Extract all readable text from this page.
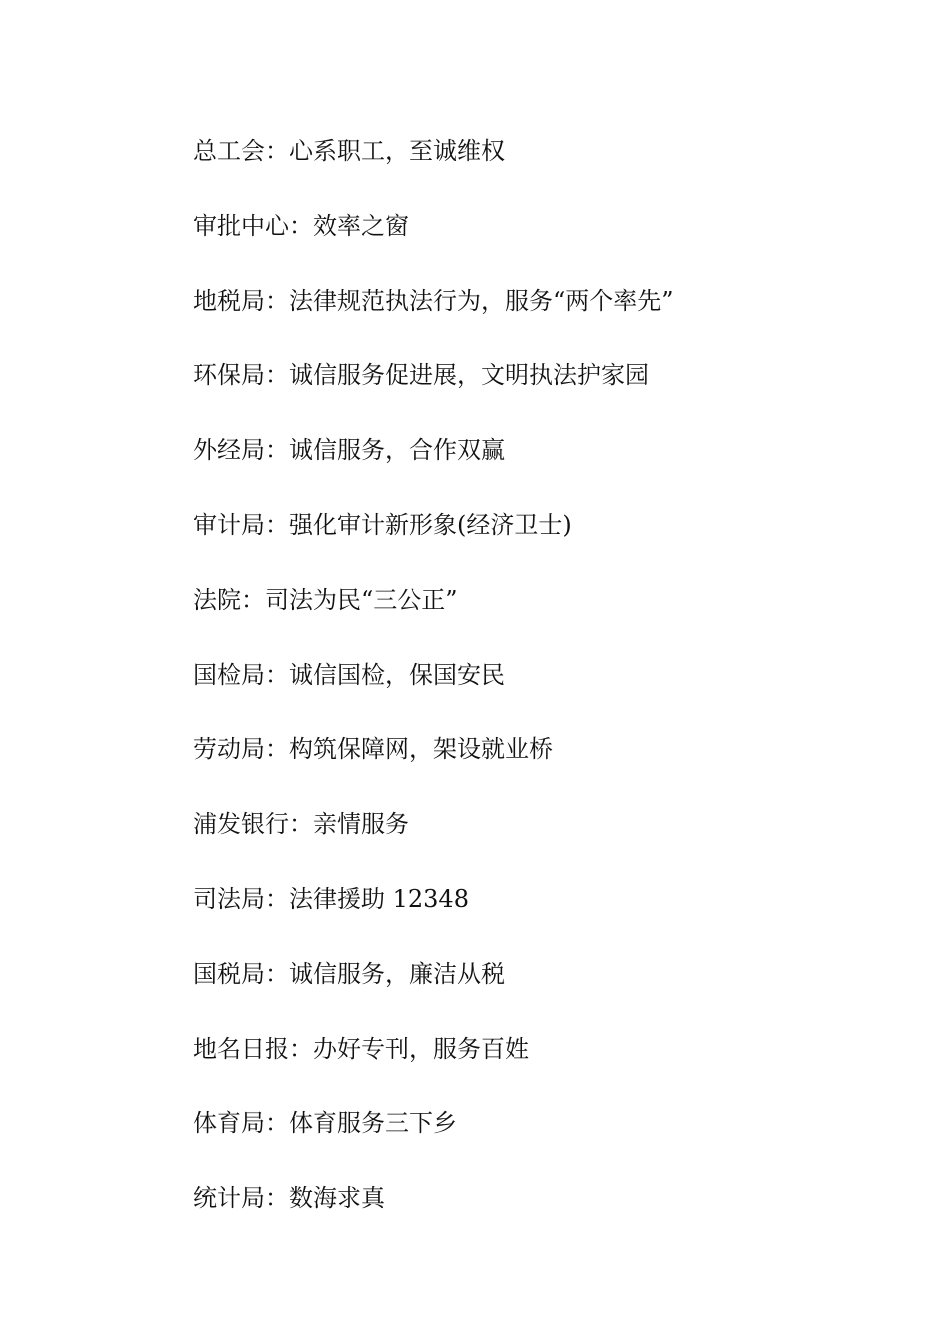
总工会：心系职工，至诚维权
审批中心：效率之窗
地税局：法律规范执法行为，服务“两个率先”
环保局：诚信服务促进展，文明执法护家园
外经局：诚信服务，合作双赢
审计局：强化审计新形象(经济卫士)
法院：司法为民“三公正”
国检局：诚信国检，保国安民
劳动局：构筑保障网，架设就业桥
浦发银行：亲情服务
司法局：法律援助 12348
国税局：诚信服务，廉洁从税
地名日报：办好专刊，服务百姓
体育局：体育服务三下乡
统计局：数海求真
